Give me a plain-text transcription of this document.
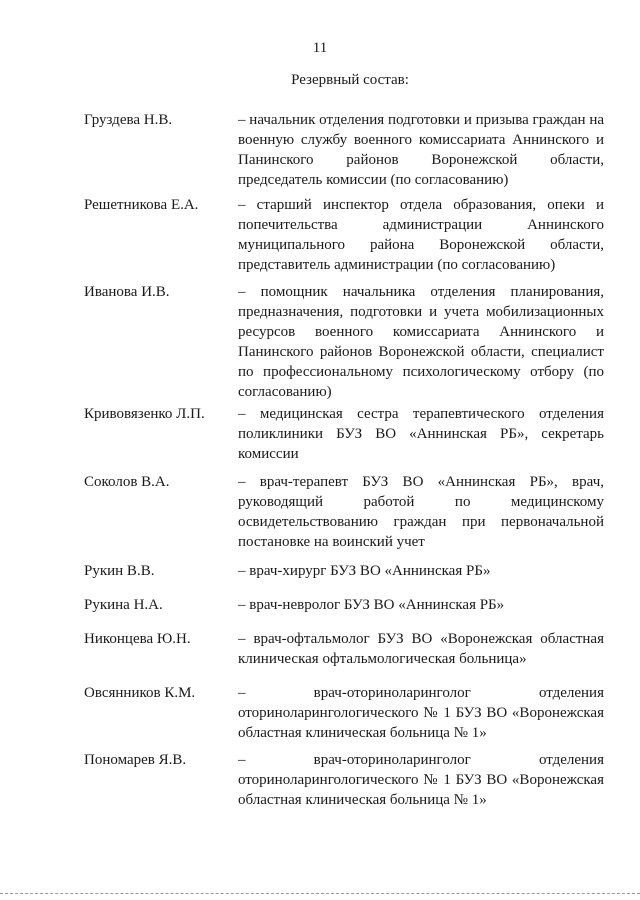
11
Резервный состав:
Груздева Н.В.	– начальник отделения подготовки и призыва граждан на военную службу военного комиссариата Аннинского и Панинского районов Воронежской области, председатель комиссии (по согласованию)
Решетникова Е.А.	– старший инспектор отдела образования, опеки и попечительства администрации Аннинского муниципального района Воронежской области, представитель администрации (по согласованию)
Иванова И.В.	– помощник начальника отделения планирования, предназначения, подготовки и учета мобилизационных ресурсов военного комиссариата Аннинского и Панинского районов Воронежской области, специалист по профессиональному психологическому отбору (по согласованию)
Кривовязенко Л.П.	– медицинская сестра терапевтического отделения поликлиники БУЗ ВО «Аннинская РБ», секретарь комиссии
Соколов В.А.	– врач-терапевт БУЗ ВО «Аннинская РБ», врач, руководящий работой по медицинскому освидетельствованию граждан при первоначальной постановке на воинский учет
Рукин В.В.	– врач-хирург БУЗ ВО «Аннинская РБ»
Рукина Н.А.	– врач-невролог БУЗ ВО «Аннинская РБ»
Никонцева Ю.Н.	– врач-офтальмолог БУЗ ВО «Воронежская областная клиническая офтальмологическая больница»
Овсянников К.М.	– врач-оториноларинголог отделения оториноларингологического № 1 БУЗ ВО «Воронежская областная клиническая больница № 1»
Пономарев Я.В.	– врач-оториноларинголог отделения оториноларингологического № 1 БУЗ ВО «Воронежская областная клиническая больница № 1»
